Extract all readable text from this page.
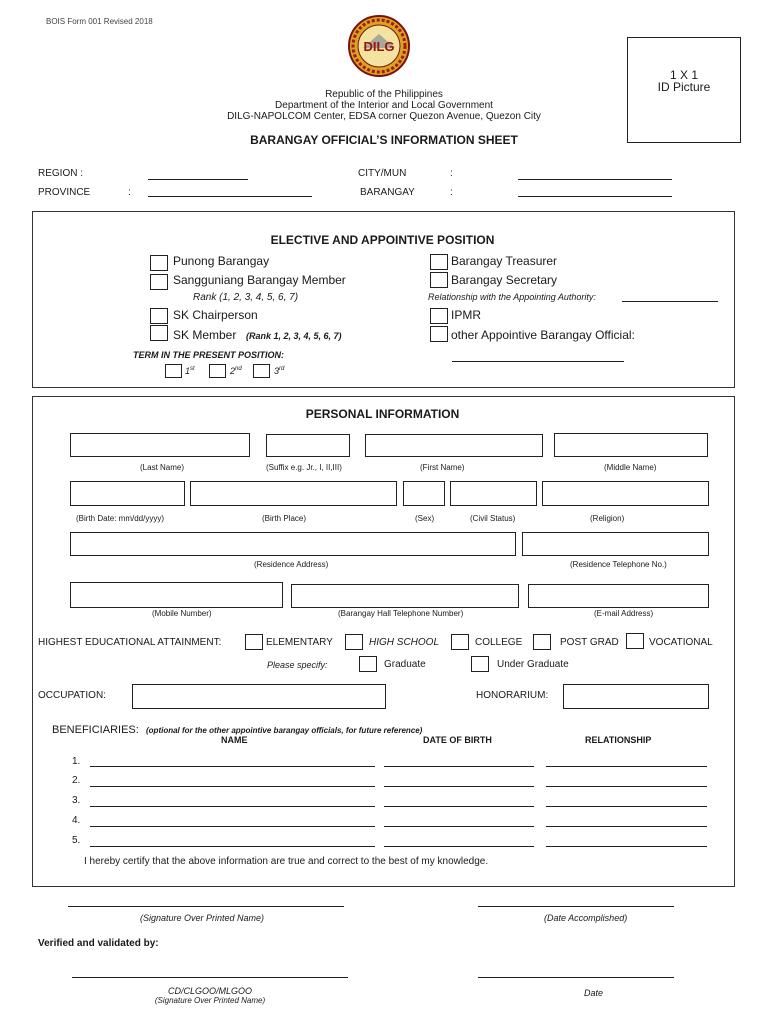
BOIS Form 001 Revised 2018
DILG
1 X 1
ID Picture
Republic of the Philippines
Department of the Interior and Local Government
DILG-NAPOLCOM Center, EDSA corner Quezon Avenue, Quezon City
BARANGAY OFFICIAL’S INFORMATION SHEET
REGION :
PROVINCE	:
CITY/MUN	:
BARANGAY	:
ELECTIVE AND APPOINTIVE POSITION
Punong Barangay
Sangguniang Barangay Member
Rank (1, 2, 3, 4, 5, 6, 7)
SK Chairperson
SK Member (Rank 1, 2, 3, 4, 5, 6, 7)
Barangay Treasurer
Barangay Secretary
Relationship with the Appointing Authority:
IPMR
other Appointive Barangay Official:
TERM IN THE PRESENT POSITION:
1st	2nd	3rd
PERSONAL INFORMATION
(Last Name)	(Suffix e.g. Jr., I, II,III)	(First Name)	(Middle Name)
(Birth Date: mm/dd/yyyy)	(Birth Place)	(Sex)	(Civil Status)	(Religion)
(Residence Address)	(Residence Telephone No.)
(Mobile Number)	(Barangay Hall Telephone Number)	(E-mail Address)
HIGHEST EDUCATIONAL ATTAINMENT:	ELEMENTARY	HIGH SCHOOL	COLLEGE	POST GRAD	VOCATIONAL
Please specify:	Graduate	Under Graduate
OCCUPATION:	HONORARIUM:
BENEFICIARIES: (optional for the other appointive barangay officials, for future reference)
NAME	DATE OF BIRTH	RELATIONSHIP
1.
2.
3.
4.
5.
I hereby certify that the above information are true and correct to the best of my knowledge.
(Signature Over Printed Name)	(Date Accomplished)
Verified and validated by:
CD/CLGOO/MLGOO
(Signature Over Printed Name)
Date
